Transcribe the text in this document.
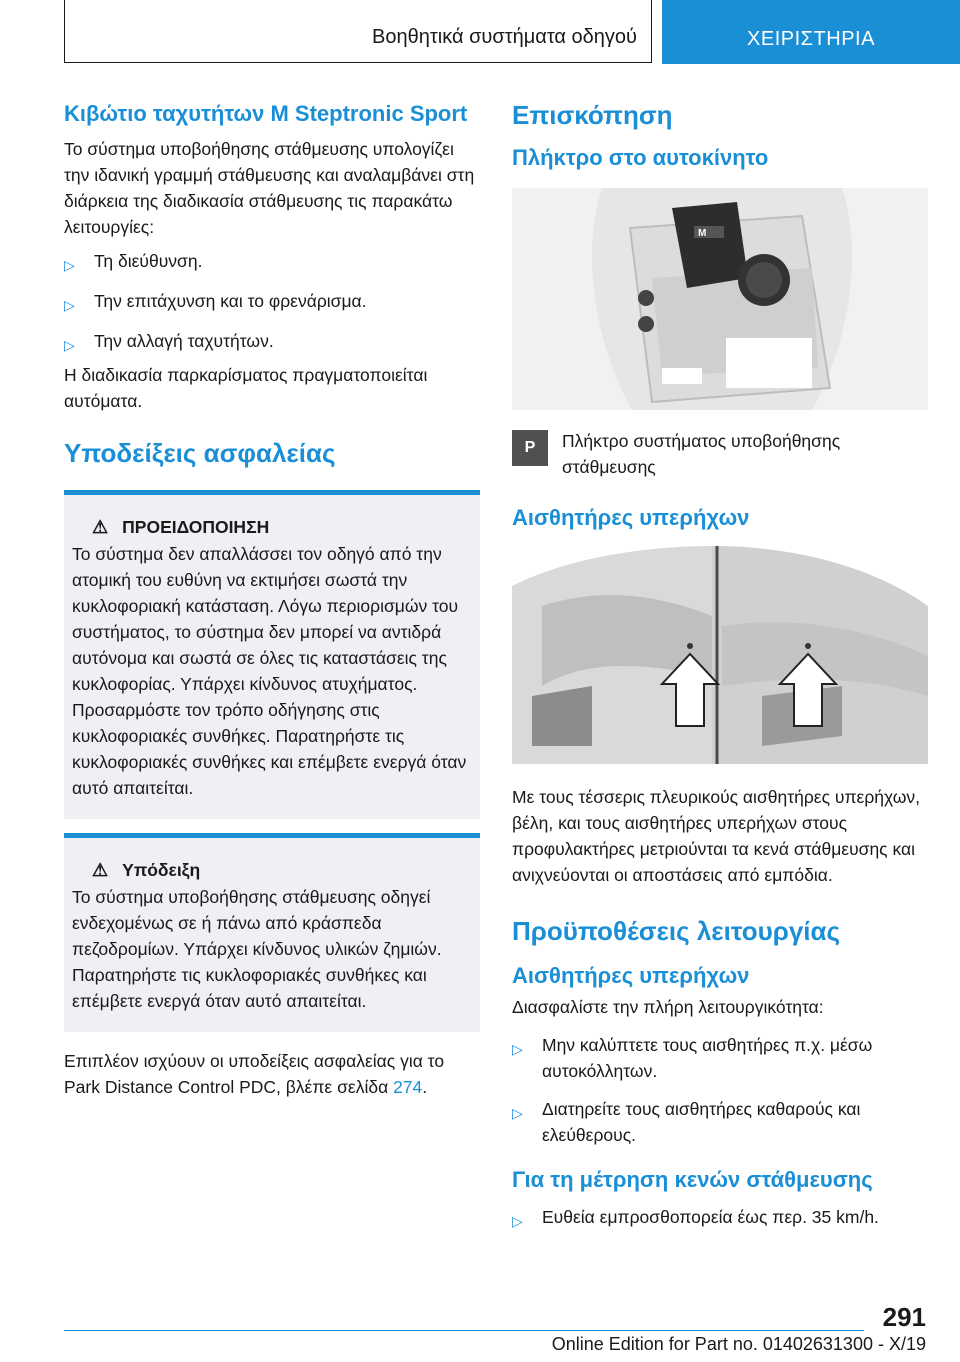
Βοηθητικά συστήματα οδηγού	ΧΕΙΡΙΣΤΗΡΙΑ
Κιβώτιο ταχυτήτων M Steptronic Sport

Το σύστημα υποβοήθησης στάθμευσης υπολογίζει την ιδανική γραμμή στάθμευσης και αναλαμβάνει στη διάρκεια της διαδικασία στάθμευσης τις παρακάτω λειτουργίες:

▷ Τη διεύθυνση.
▷ Την επιτάχυνση και το φρενάρισμα.
▷ Την αλλαγή ταχυτήτων.

Η διαδικασία παρκαρίσματος πραγματοποιείται αυτόματα.

Υποδείξεις ασφαλείας
⚠ ΠΡΟΕΙΔΟΠΟΙΗΣΗ

Το σύστημα δεν απαλλάσσει τον οδηγό από την ατομική του ευθύνη να εκτιμήσει σωστά την κυκλοφοριακή κατάσταση. Λόγω περιορισμών του συστήματος, το σύστημα δεν μπορεί να αντιδρά αυτόνομα και σωστά σε όλες τις καταστάσεις της κυκλοφορίας. Υπάρχει κίνδυνος ατυχήματος. Προσαρμόστε τον τρόπο οδήγησης στις κυκλοφοριακές συνθήκες. Παρατηρήστε τις κυκλοφοριακές συνθήκες και επέμβετε ενεργά όταν αυτό απαιτείται.

⚠ Υπόδειξη

Το σύστημα υποβοήθησης στάθμευσης οδηγεί ενδεχομένως σε ή πάνω από κράσπεδα πεζοδρομίων. Υπάρχει κίνδυνος υλικών ζημιών. Παρατηρήστε τις κυκλοφοριακές συνθήκες και επέμβετε ενεργά όταν αυτό απαιτείται.

Επιπλέον ισχύουν οι υποδείξεις ασφαλείας για το Park Distance Control PDC, βλέπε σελίδα 274.

Επισκόπηση
Πλήκτρο στο αυτοκίνητο
M
P	Πλήκτρο συστήματος υποβοήθησης στάθμευσης
Αισθητήρες υπερήχων

Με τους τέσσερις πλευρικούς αισθητήρες υπερήχων, βέλη, και τους αισθητήρες υπερήχων στους προφυλακτήρες μετριούνται τα κενά στάθμευσης και ανιχνεύονται οι αποστάσεις από εμπόδια.

Προϋποθέσεις λειτουργίας
Αισθητήρες υπερήχων

Διασφαλίστε την πλήρη λειτουργικότητα:

▷ Μην καλύπτετε τους αισθητήρες π.χ. μέσω αυτοκόλλητων.
▷ Διατηρείτε τους αισθητήρες καθαρούς και ελεύθερους.
Για τη μέτρηση κενών στάθμευσης
▷ Ευθεία εμπροσθοπορεία έως περ. 35 km/h.
291
Online Edition for Part no. 01402631300 - X/19
